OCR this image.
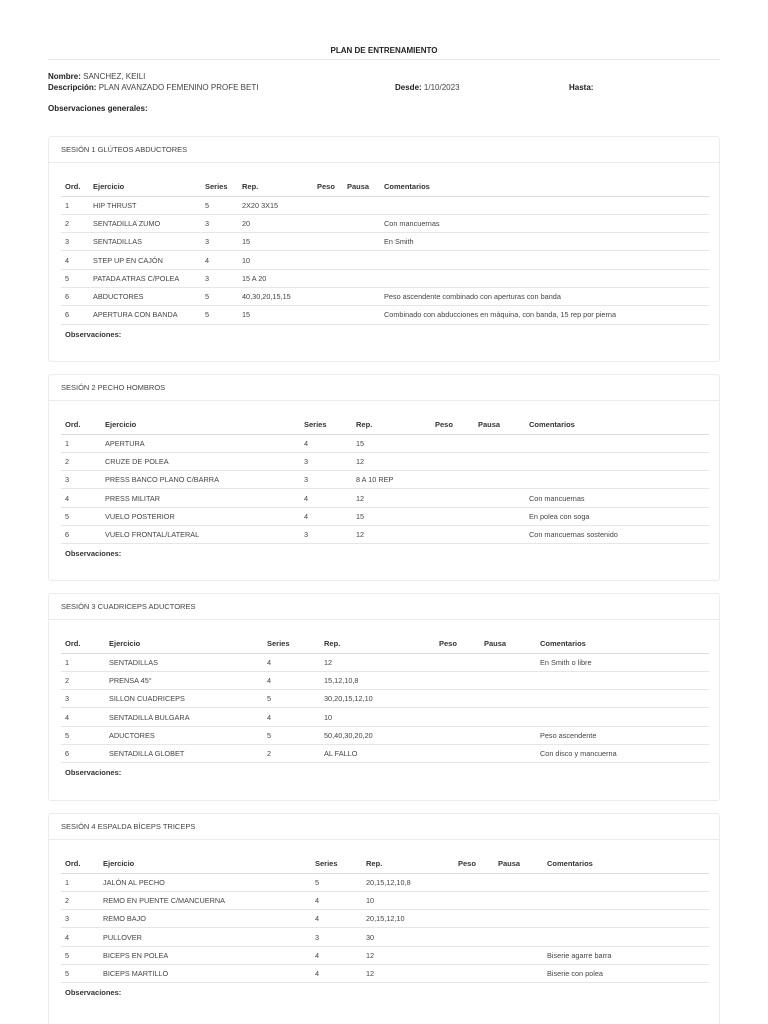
PLAN DE ENTRENAMIENTO
Nombre: SANCHEZ, KEILI
Descripción: PLAN AVANZADO FEMENINO PROFE BETI	Desde: 1/10/2023	Hasta:
Observaciones generales:
SESIÓN 1 GLÚTEOS ABDUCTORES
Ord.	Ejercicio	Series	Rep.	Peso	Pausa	Comentarios
1	HIP THRUST	5	2X20 3X15			
2	SENTADILLA ZUMO	3	20			Con mancuernas
3	SENTADILLAS	3	15			En Smith
4	STEP UP EN CAJÓN	4	10			
5	PATADA ATRAS C/POLEA	3	15 A 20			
6	ABDUCTORES	5	40,30,20,15,15			Peso ascendente combinado con aperturas con banda
6	APERTURA CON BANDA	5	15			Combinado con abducciones en máquina, con banda, 15 rep por pierna
Observaciones:
SESIÓN 2 PECHO HOMBROS
Ord.	Ejercicio	Series	Rep.	Peso	Pausa	Comentarios
1	APERTURA	4	15			
2	CRUZE DE POLEA	3	12			
3	PRESS BANCO PLANO C/BARRA	3	8 A 10 REP			
4	PRESS MILITAR	4	12			Con mancuernas
5	VUELO POSTERIOR	4	15			En polea con soga
6	VUELO FRONTAL/LATERAL	3	12			Con mancuernas sostenido
Observaciones:
SESIÓN 3 CUADRICEPS ADUCTORES
Ord.	Ejercicio	Series	Rep.	Peso	Pausa	Comentarios
1	SENTADILLAS	4	12			En Smith o libre
2	PRENSA 45°	4	15,12,10,8			
3	SILLON CUADRICEPS	5	30,20,15,12,10			
4	SENTADILLA BULGARA	4	10			
5	ADUCTORES	5	50,40,30,20,20			Peso ascendente
6	SENTADILLA GLOBET	2	AL FALLO			Con disco y mancuerna
Observaciones:
SESIÓN 4 ESPALDA BÍCEPS TRICEPS
Ord.	Ejercicio	Series	Rep.	Peso	Pausa	Comentarios
1	JALÓN AL PECHO	5	20,15,12,10,8			
2	REMO EN PUENTE C/MANCUERNA	4	10			
3	REMO BAJO	4	20,15,12,10			
4	PULLOVER	3	30			
5	BICEPS EN POLEA	4	12			Biserie agarre barra
5	BICEPS MARTILLO	4	12			Biserie con polea
Observaciones:
